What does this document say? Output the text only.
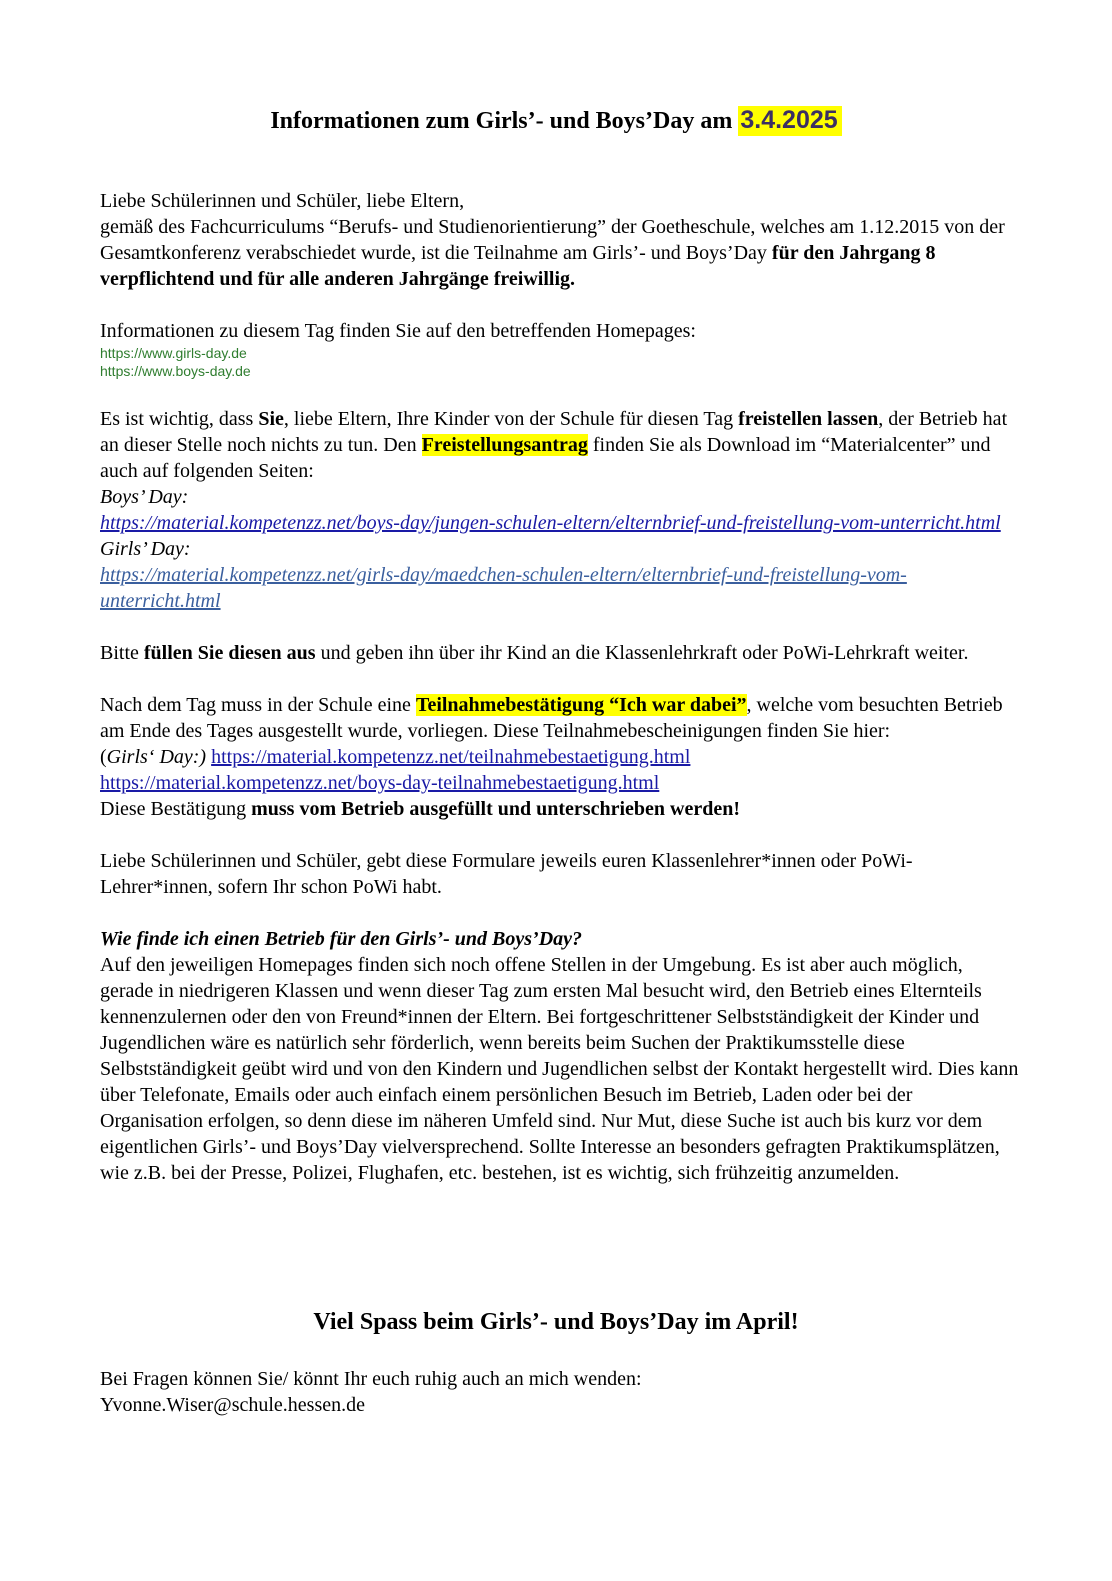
Informationen zum Girls’- und Boys’Day am 3.4.2025

Liebe Schülerinnen und Schüler, liebe Eltern,
gemäß des Fachcurriculums “Berufs- und Studienorientierung” der Goetheschule, welches am 1.12.2015 von der Gesamtkonferenz verabschiedet wurde, ist die Teilnahme am Girls’- und Boys’Day für den Jahrgang 8 verpflichtend und für alle anderen Jahrgänge freiwillig.

Informationen zu diesem Tag finden Sie auf den betreffenden Homepages:
https://www.girls-day.de
https://www.boys-day.de

Es ist wichtig, dass Sie, liebe Eltern, Ihre Kinder von der Schule für diesen Tag freistellen lassen, der Betrieb hat an dieser Stelle noch nichts zu tun. Den Freistellungsantrag finden Sie als Download im “Materialcenter” und auch auf folgenden Seiten:
Boys’ Day:
https://material.kompetenzz.net/boys-day/jungen-schulen-eltern/elternbrief-und-freistellung-vom-unterricht.html
Girls’ Day:
https://material.kompetenzz.net/girls-day/maedchen-schulen-eltern/elternbrief-und-freistellung-vom-unterricht.html

Bitte füllen Sie diesen aus und geben ihn über ihr Kind an die Klassenlehrkraft oder PoWi-Lehrkraft weiter.

Nach dem Tag muss in der Schule eine Teilnahmebestätigung “Ich war dabei”, welche vom besuchten Betrieb am Ende des Tages ausgestellt wurde, vorliegen. Diese Teilnahmebescheinigungen finden Sie hier:
(Girls‘ Day:) https://material.kompetenzz.net/teilnahmebestaetigung.html
https://material.kompetenzz.net/boys-day-teilnahmebestaetigung.html
Diese Bestätigung muss vom Betrieb ausgefüllt und unterschrieben werden!

Liebe Schülerinnen und Schüler, gebt diese Formulare jeweils euren Klassenlehrer*innen oder PoWi-Lehrer*innen, sofern Ihr schon PoWi habt.

Wie finde ich einen Betrieb für den Girls’- und Boys’Day?
Auf den jeweiligen Homepages finden sich noch offene Stellen in der Umgebung. Es ist aber auch möglich, gerade in niedrigeren Klassen und wenn dieser Tag zum ersten Mal besucht wird, den Betrieb eines Elternteils kennenzulernen oder den von Freund*innen der Eltern. Bei fortgeschrittener Selbstständigkeit der Kinder und Jugendlichen wäre es natürlich sehr förderlich, wenn bereits beim Suchen der Praktikumsstelle diese Selbstständigkeit geübt wird und von den Kindern und Jugendlichen selbst der Kontakt hergestellt wird. Dies kann über Telefonate, Emails oder auch einfach einem persönlichen Besuch im Betrieb, Laden oder bei der Organisation erfolgen, so denn diese im näheren Umfeld sind. Nur Mut, diese Suche ist auch bis kurz vor dem eigentlichen Girls’- und Boys’Day vielversprechend. Sollte Interesse an besonders gefragten Praktikumsplätzen, wie z.B. bei der Presse, Polizei, Flughafen, etc. bestehen, ist es wichtig, sich frühzeitig anzumelden.

Viel Spass beim Girls’- und Boys’Day im April!
Bei Fragen können Sie/ könnt Ihr euch ruhig auch an mich wenden:
Yvonne.Wiser@schule.hessen.de
